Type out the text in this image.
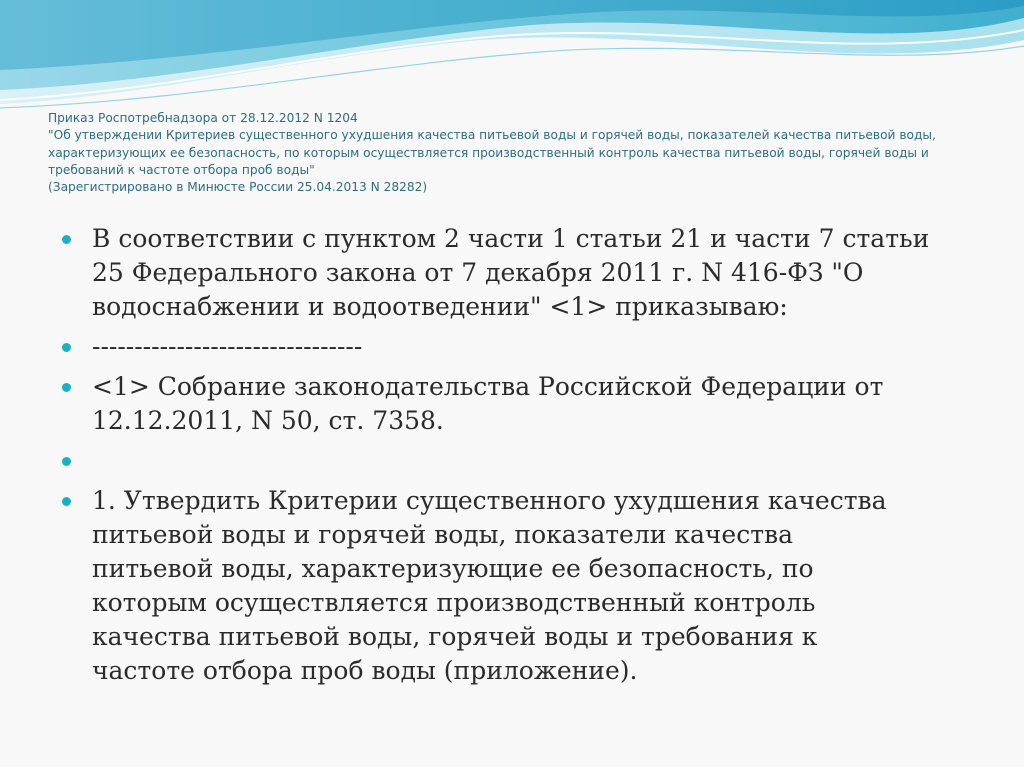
Приказ Роспотребнадзора от 28.12.2012 N 1204
"Об утверждении Критериев существенного ухудшения качества питьевой воды и горячей воды, показателей качества питьевой воды,
характеризующих ее безопасность, по которым осуществляется производственный контроль качества питьевой воды, горячей воды и
требований к частоте отбора проб воды"
(Зарегистрировано в Минюсте России 25.04.2013 N 28282)
В соответствии с пунктом 2 части 1 статьи 21 и части 7 статьи
25 Федерального закона от 7 декабря 2011 г. N 416-ФЗ "О
водоснабжении и водоотведении" <1> приказываю:
--------------------------------
<1> Собрание законодательства Российской Федерации от
12.12.2011, N 50, ст. 7358.
1. Утвердить Критерии существенного ухудшения качества
питьевой воды и горячей воды, показатели качества
питьевой воды, характеризующие ее безопасность, по
которым осуществляется производственный контроль
качества питьевой воды, горячей воды и требования к
частоте отбора проб воды (приложение).
